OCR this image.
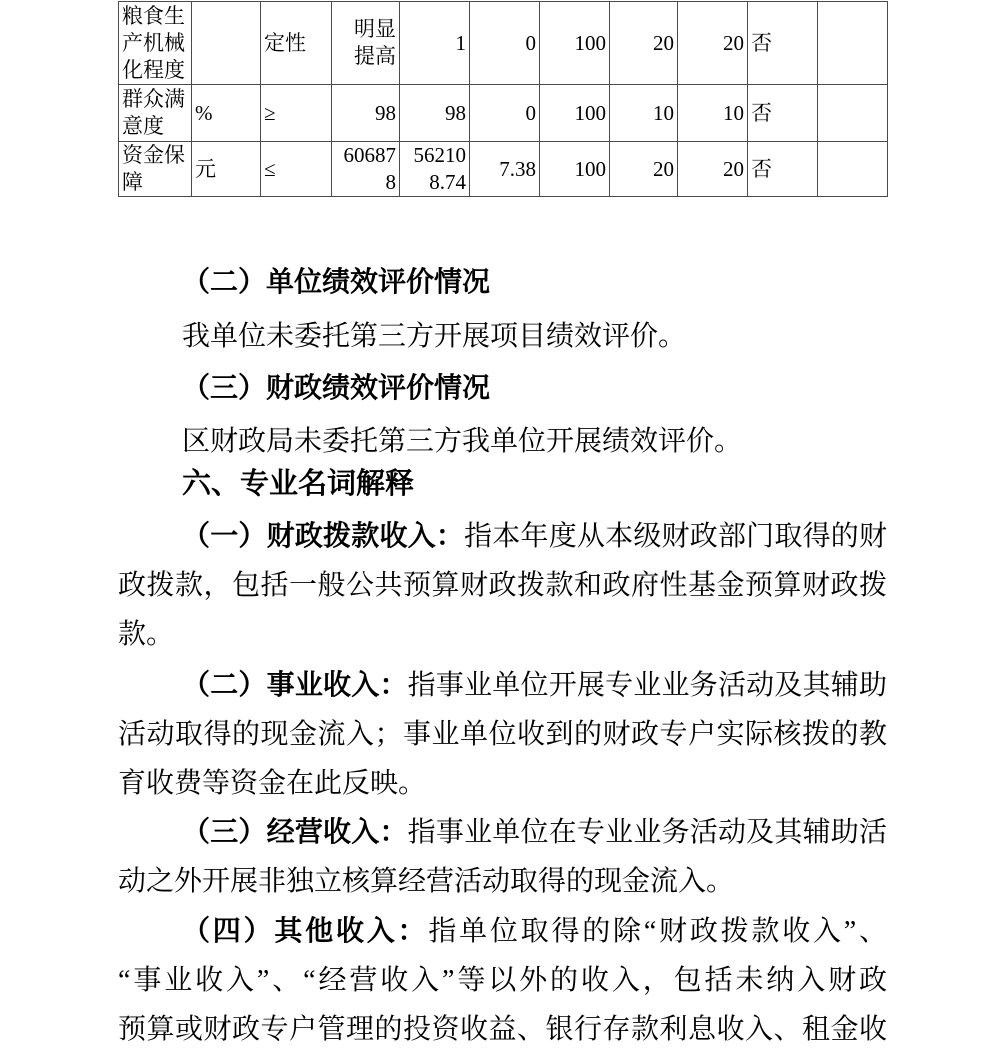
粮食生产机械化程度		定性	明显提高	1	0	100	20	20	否	
群众满意度	%	≥	98	98	0	100	10	10	否	
资金保障	元	≤	606878	562108.74	7.38	100	20	20	否	
（二）单位绩效评价情况
我单位未委托第三方开展项目绩效评价。
（三）财政绩效评价情况
区财政局未委托第三方我单位开展绩效评价。
六、专业名词解释
（一）财政拨款收入：指本年度从本级财政部门取得的财
政拨款，包括一般公共预算财政拨款和政府性基金预算财政拨
款。
（二）事业收入：指事业单位开展专业业务活动及其辅助
活动取得的现金流入；事业单位收到的财政专户实际核拨的教
育收费等资金在此反映。
（三）经营收入：指事业单位在专业业务活动及其辅助活
动之外开展非独立核算经营活动取得的现金流入。
（四）其他收入：指单位取得的除“财政拨款收入”、
“事业收入”、“经营收入”等以外的收入，包括未纳入财政
预算或财政专户管理的投资收益、银行存款利息收入、租金收
